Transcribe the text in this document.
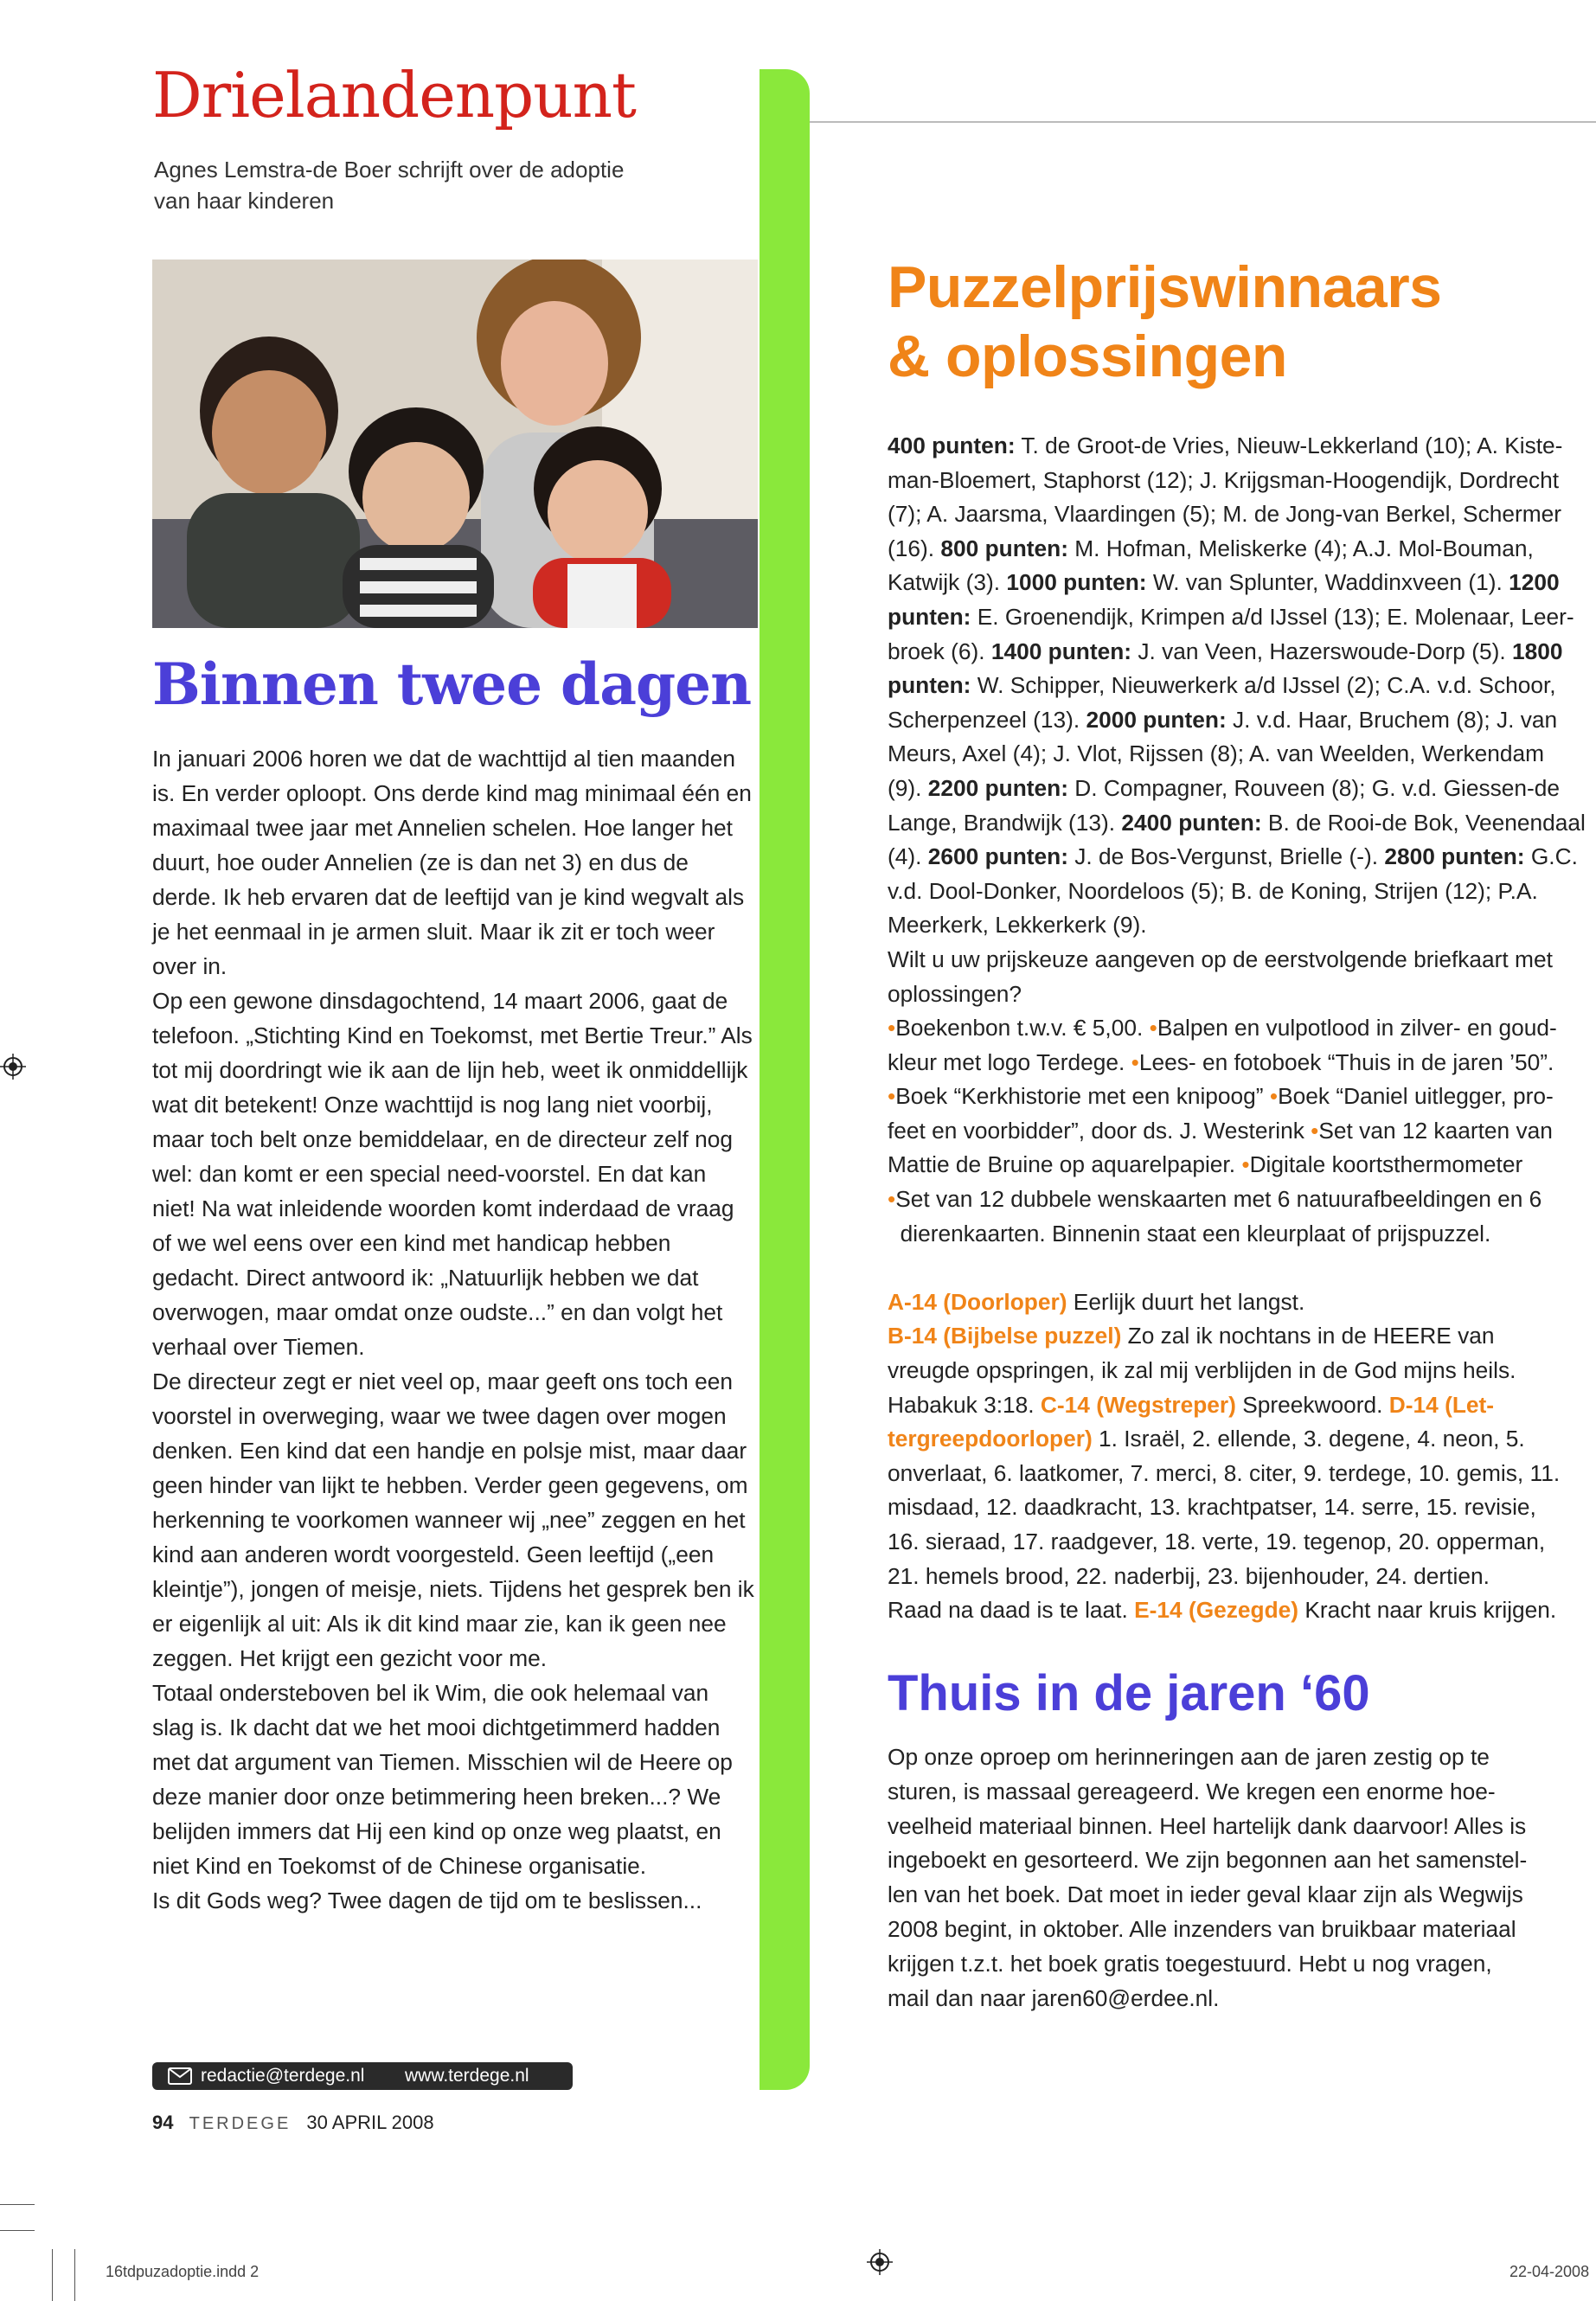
Drielandenpunt
Agnes Lemstra-de Boer schrijft over de adoptie van haar kinderen
Binnen twee dagen

In januari 2006 horen we dat de wachttijd al tien maanden is. En verder oploopt. Ons derde kind mag minimaal één en maximaal twee jaar met Annelien schelen. Hoe langer het duurt, hoe ouder Annelien (ze is dan net 3) en dus de derde. Ik heb ervaren dat de leeftijd van je kind wegvalt als je het eenmaal in je armen sluit. Maar ik zit er toch weer over in.

Op een gewone dinsdagochtend, 14 maart 2006, gaat de telefoon. „Stichting Kind en Toekomst, met Bertie Treur.” Als tot mij doordringt wie ik aan de lijn heb, weet ik onmiddellijk wat dit betekent! Onze wachttijd is nog lang niet voorbij, maar toch belt onze bemiddelaar, en de directeur zelf nog wel: dan komt er een special need-voorstel. En dat kan niet! Na wat inleidende woorden komt inderdaad de vraag of we wel eens over een kind met handicap hebben gedacht. Direct antwoord ik: „Natuurlijk hebben we dat overwogen, maar omdat onze oudste...” en dan volgt het verhaal over Tiemen.

De directeur zegt er niet veel op, maar geeft ons toch een voorstel in overweging, waar we twee dagen over mogen denken. Een kind dat een handje en polsje mist, maar daar geen hinder van lijkt te hebben. Verder geen gegevens, om herkenning te voorkomen wanneer wij „nee” zeggen en het kind aan anderen wordt voorgesteld. Geen leeftijd („een kleintje”), jongen of meisje, niets. Tijdens het gesprek ben ik er eigenlijk al uit: Als ik dit kind maar zie, kan ik geen nee zeggen. Het krijgt een gezicht voor me.

Totaal ondersteboven bel ik Wim, die ook helemaal van slag is. Ik dacht dat we het mooi dichtgetimmerd hadden met dat argument van Tiemen. Misschien wil de Heere op deze manier door onze betimmering heen breken...? We belijden immers dat Hij een kind op onze weg plaatst, en niet Kind en Toekomst of de Chinese organisatie.

Is dit Gods weg? Twee dagen de tijd om te beslissen...

redactie@terdege.nl www.terdege.nl
94 TERDEGE 30 APRIL 2008
Puzzelprijswinnaars
& oplossingen
400 punten: T. de Groot-de Vries, Nieuw-Lekkerland (10); A. Kiste-
man-Bloemert, Staphorst (12); J. Krijgsman-Hoogendijk, Dordrecht
(7); A. Jaarsma, Vlaardingen (5); M. de Jong-van Berkel, Schermer
(16). 800 punten: M. Hofman, Meliskerke (4); A.J. Mol-Bouman,
Katwijk (3). 1000 punten: W. van Splunter, Waddinxveen (1). 1200
punten: E. Groenendijk, Krimpen a/d IJssel (13); E. Molenaar, Leer-
broek (6). 1400 punten: J. van Veen, Hazerswoude-Dorp (5). 1800
punten: W. Schipper, Nieuwerkerk a/d IJssel (2); C.A. v.d. Schoor,
Scherpenzeel (13). 2000 punten: J. v.d. Haar, Bruchem (8); J. van
Meurs, Axel (4); J. Vlot, Rijssen (8); A. van Weelden, Werkendam
(9). 2200 punten: D. Compagner, Rouveen (8); G. v.d. Giessen-de
Lange, Brandwijk (13). 2400 punten: B. de Rooi-de Bok, Veenendaal
(4). 2600 punten: J. de Bos-Vergunst, Brielle (-). 2800 punten: G.C.
v.d. Dool-Donker, Noordeloos (5); B. de Koning, Strijen (12); P.A.
Meerkerk, Lekkerkerk (9).
Wilt u uw prijskeuze aangeven op de eerstvolgende briefkaart met
oplossingen?
•Boekenbon t.w.v. € 5,00. •Balpen en vulpotlood in zilver- en goud-
kleur met logo Terdege. •Lees- en fotoboek “Thuis in de jaren ’50”.
•Boek “Kerkhistorie met een knipoog” •Boek “Daniel uitlegger, pro-
feet en voorbidder”, door ds. J. Westerink •Set van 12 kaarten van
Mattie de Bruine op aquarelpapier. •Digitale koortsthermometer
•Set van 12 dubbele wenskaarten met 6 natuurafbeeldingen en 6
dierenkaarten. Binnenin staat een kleurplaat of prijspuzzel.
A-14 (Doorloper) Eerlijk duurt het langst.
B-14 (Bijbelse puzzel) Zo zal ik nochtans in de HEERE van
vreugde opspringen, ik zal mij verblijden in de God mijns heils.
Habakuk 3:18. C-14 (Wegstreper) Spreekwoord. D-14 (Let-
tergreepdoorloper) 1. Israël, 2. ellende, 3. degene, 4. neon, 5.
onverlaat, 6. laatkomer, 7. merci, 8. citer, 9. terdege, 10. gemis, 11.
misdaad, 12. daadkracht, 13. krachtpatser, 14. serre, 15. revisie,
16. sieraad, 17. raadgever, 18. verte, 19. tegenop, 20. opperman,
21. hemels brood, 22. naderbij, 23. bijenhouder, 24. dertien.
Raad na daad is te laat. E-14 (Gezegde) Kracht naar kruis krijgen.
Thuis in de jaren ‘60
Op onze oproep om herinneringen aan de jaren zestig op te
sturen, is massaal gereageerd. We kregen een enorme hoe-
veelheid materiaal binnen. Heel hartelijk dank daarvoor! Alles is
ingeboekt en gesorteerd. We zijn begonnen aan het samenstel-
len van het boek. Dat moet in ieder geval klaar zijn als Wegwijs
2008 begint, in oktober. Alle inzenders van bruikbaar materiaal
krijgen t.z.t. het boek gratis toegestuurd. Hebt u nog vragen,
mail dan naar jaren60@erdee.nl.
16tdpuzadoptie.indd 2	22-04-2008
